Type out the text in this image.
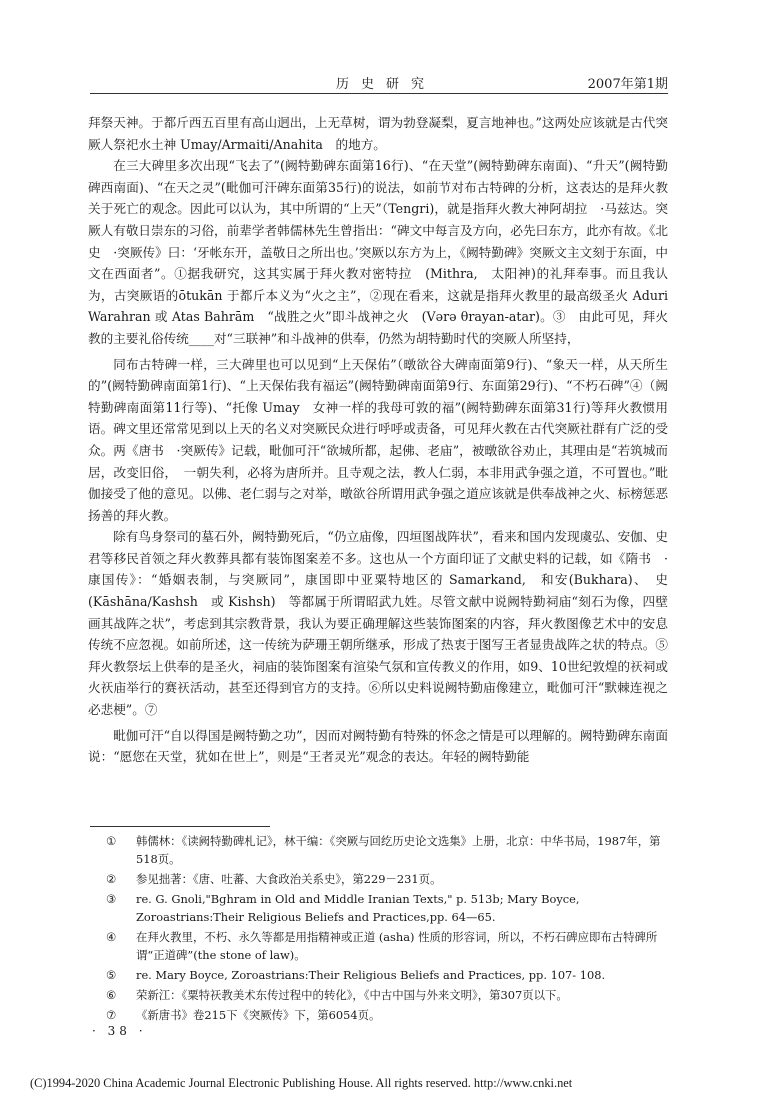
历史研究	2007年第1期

拜祭天神。于都斤西五百里有高山迥出，上无草树，谓为勃登凝梨，夏言地神也。”这两处应该就是古代突厥人祭祀水土神 Umay/Armaiti/Anahita　的地方。

在三大碑里多次出现“飞去了”(阙特勤碑东面第16行)、“在天堂”(阙特勤碑东南面)、“升天”(阙特勤碑西南面)、“在天之灵”(毗伽可汗碑东面第35行)的说法，如前节对布古特碑的分析，这表达的是拜火教关于死亡的观念。因此可以认为，其中所谓的“上天”（Tengri)，就是指拜火教大神阿胡拉　·马兹达。突厥人有敬日崇东的习俗，前辈学者韩儒林先生曾指出：“碑文中每言及方向，必先曰东方，此亦有故。《北史　·突厥传》曰：‘牙帐东开，盖敬日之所出也。’突厥以东方为上，《阙特勤碑》突厥文主文刻于东面，中文在西面者”。①据我研究，这其实属于拜火教对密特拉　(Mithra,　太阳神)的礼拜奉事。而且我认为，古突厥语的ōtukān 于都斤本义为“火之主”，②现在看来，这就是指拜火教里的最高级圣火 Aduri　 Warahran 或 Atas Bahrām　“战胜之火”即斗战神之火　(Vərə θrayan-atar)。③　由此可见，拜火教的主要礼俗传统____对“三联神”和斗战神的供奉，仍然为胡特勤时代的突厥人所坚持，

同布古特碑一样，三大碑里也可以见到“上天保佑”（暾欲谷大碑南面第9行)、“象天一样，从天所生的”(阙特勤碑南面第1行)、“上天保佑我有福运”(阙特勤碑南面第9行、东面第29行)、“不朽石碑”④（阙特勤碑南面第11行等)、“托像 Umay　女神一样的我母可敦的福”(阙特勤碑东面第31行)等拜火教惯用语。碑文里还常常见到以上天的名义对突厥民众进行呼呼或责备，可见拜火教在古代突厥社群有广泛的受众。两《唐书　·突厥传》记载，毗伽可汗“欲城所都，起佛、老庙”，被暾欲谷劝止，其理由是“若筑城而居，改变旧俗，　一朝失利，必将为唐所并。且寺观之法，教人仁弱，本非用武争强之道，不可置也。”毗伽接受了他的意见。以佛、老仁弱与之对举，暾欲谷所谓用武争强之道应该就是供奉战神之火、标榜惩恶扬善的拜火教。

除有鸟身祭司的墓石外，阙特勤死后，“仍立庙像，四垣图战阵状”，看来和国内发现虞弘、安伽、史君等移民首领之拜火教葬具都有装饰图案差不多。这也从一个方面印证了文献史料的记载，如《隋书　·康国传》：“婚姻表制，与突厥同”，康国即中亚粟特地区的 Samarkand,　和安(Bukhara)、　史　(Kāshāna/Kashsh　或 Kishsh)　等都属于所谓昭武九姓。尽管文献中说阙特勤祠庙“刻石为像，四壁画其战阵之状”，考虑到其宗教背景，我认为要正确理解这些装饰图案的内容，拜火教图像艺术中的安息传统不应忽视。如前所述，这一传统为萨珊王朝所继承，形成了热衷于图写王者显贵战阵之状的特点。⑤拜火教祭坛上供奉的是圣火，祠庙的装饰图案有渲染气氛和宣传教义的作用，如9、10世纪敦煌的祆祠或火祆庙举行的赛祆活动，甚至还得到官方的支持。⑥所以史料说阙特勤庙像建立，毗伽可汗“默棘连视之必悲梗”。⑦

毗伽可汗“自以得国是阙特勤之功”，因而对阙特勤有特殊的怀念之情是可以理解的。阙特勤碑东南面说：“愿您在天堂，犹如在世上”，则是“王者灵光”观念的表达。年轻的阙特勤能

①	韩儒林：《读阙特勤碑札记》，林干编：《突厥与回纥历史论文选集》上册，北京：中华书局，1987年，第518页。
②	参见拙著：《唐、吐蕃、大食政治关系史》，第229－231页。
③	re. G. Gnoli,"Bghram in Old and Middle Iranian Texts," p. 513b; Mary Boyce, Zoroastrians:Their Religious Beliefs and Practices,pp. 64—65.
④	在拜火教里，不朽、永久等都是用指精神或正道 (asha) 性质的形容词，所以，不朽石碑应即布古特碑所谓“正道碑”(the stone of law)。
⑤	re. Mary Boyce, Zoroastrians:Their Religious Beliefs and Practices, pp. 107- 108.
⑥	荣新江：《粟特祆教美术东传过程中的转化》，《中古中国与外来文明》，第307页以下。
⑦	《新唐书》卷215下《突厥传》下，第6054页。
· 38 ·
(C)1994-2020 China Academic Journal Electronic Publishing House. All rights reserved. http://www.cnki.net
